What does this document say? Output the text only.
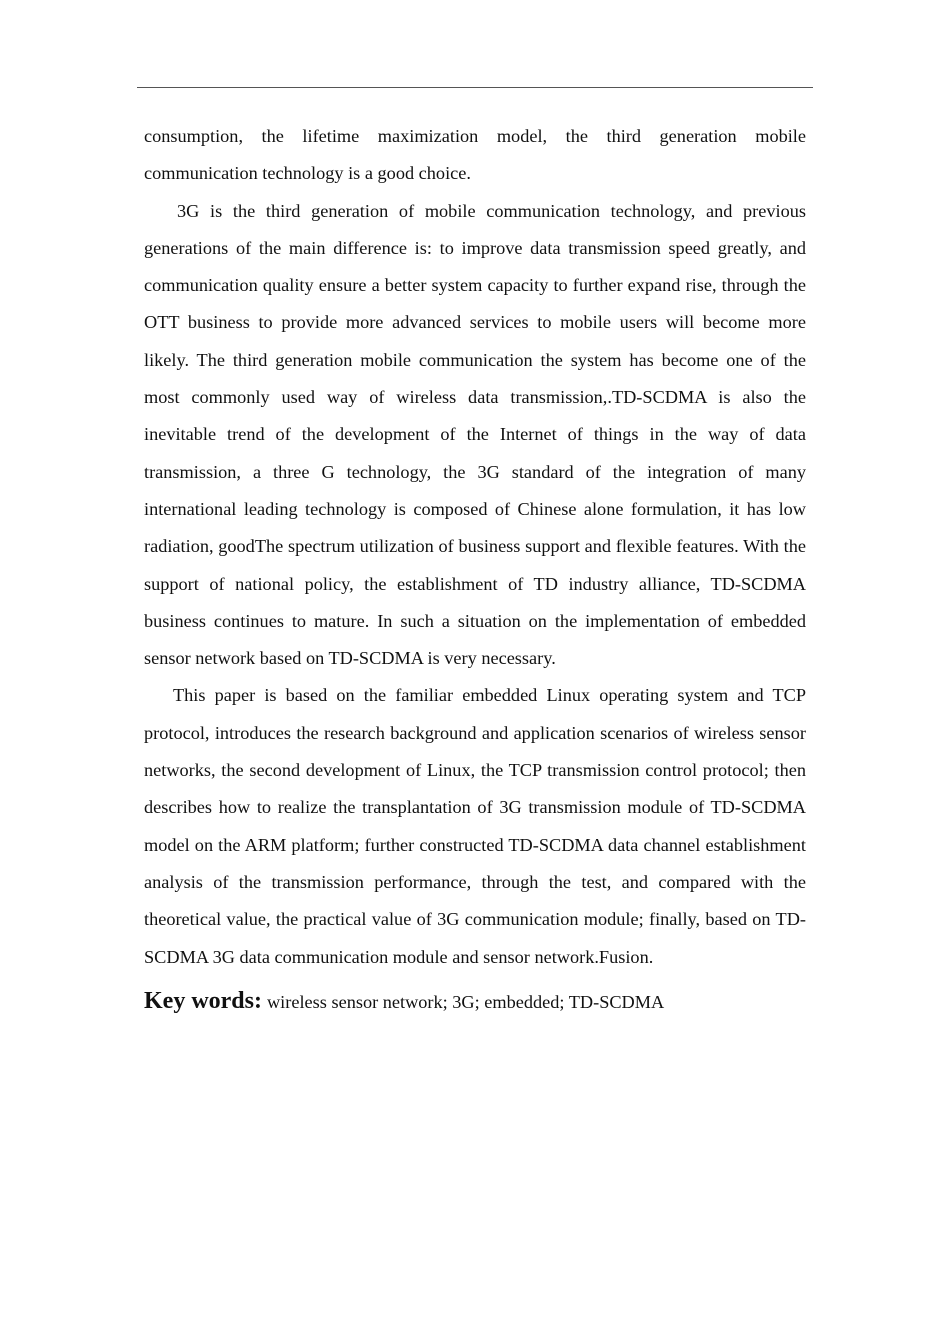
consumption, the lifetime maximization model, the third generation mobile communication technology is a good choice.

3G is the third generation of mobile communication technology, and previous generations of the main difference is: to improve data transmission speed greatly, and communication quality ensure a better system capacity to further expand rise, through the OTT business to provide more advanced services to mobile users will become more likely. The third generation mobile communication the system has become one of the most commonly used way of wireless data transmission,.TD-SCDMA is also the inevitable trend of the development of the Internet of things in the way of data transmission, a three G technology, the 3G standard of the integration of many international leading technology is composed of Chinese alone formulation, it has low radiation, goodThe spectrum utilization of business support and flexible features. With the support of national policy, the establishment of TD industry alliance, TD-SCDMA business continues to mature. In such a situation on the implementation of embedded sensor network based on TD-SCDMA is very necessary.

This paper is based on the familiar embedded Linux operating system and TCP protocol, introduces the research background and application scenarios of wireless sensor networks, the second development of Linux, the TCP transmission control protocol; then describes how to realize the transplantation of 3G transmission module of TD-SCDMA model on the ARM platform; further constructed TD-SCDMA data channel establishment analysis of the transmission performance, through the test, and compared with the theoretical value, the practical value of 3G communication module; finally, based on TD-SCDMA 3G data communication module and sensor network.Fusion.

Key words: wireless sensor network; 3G; embedded; TD-SCDMA
